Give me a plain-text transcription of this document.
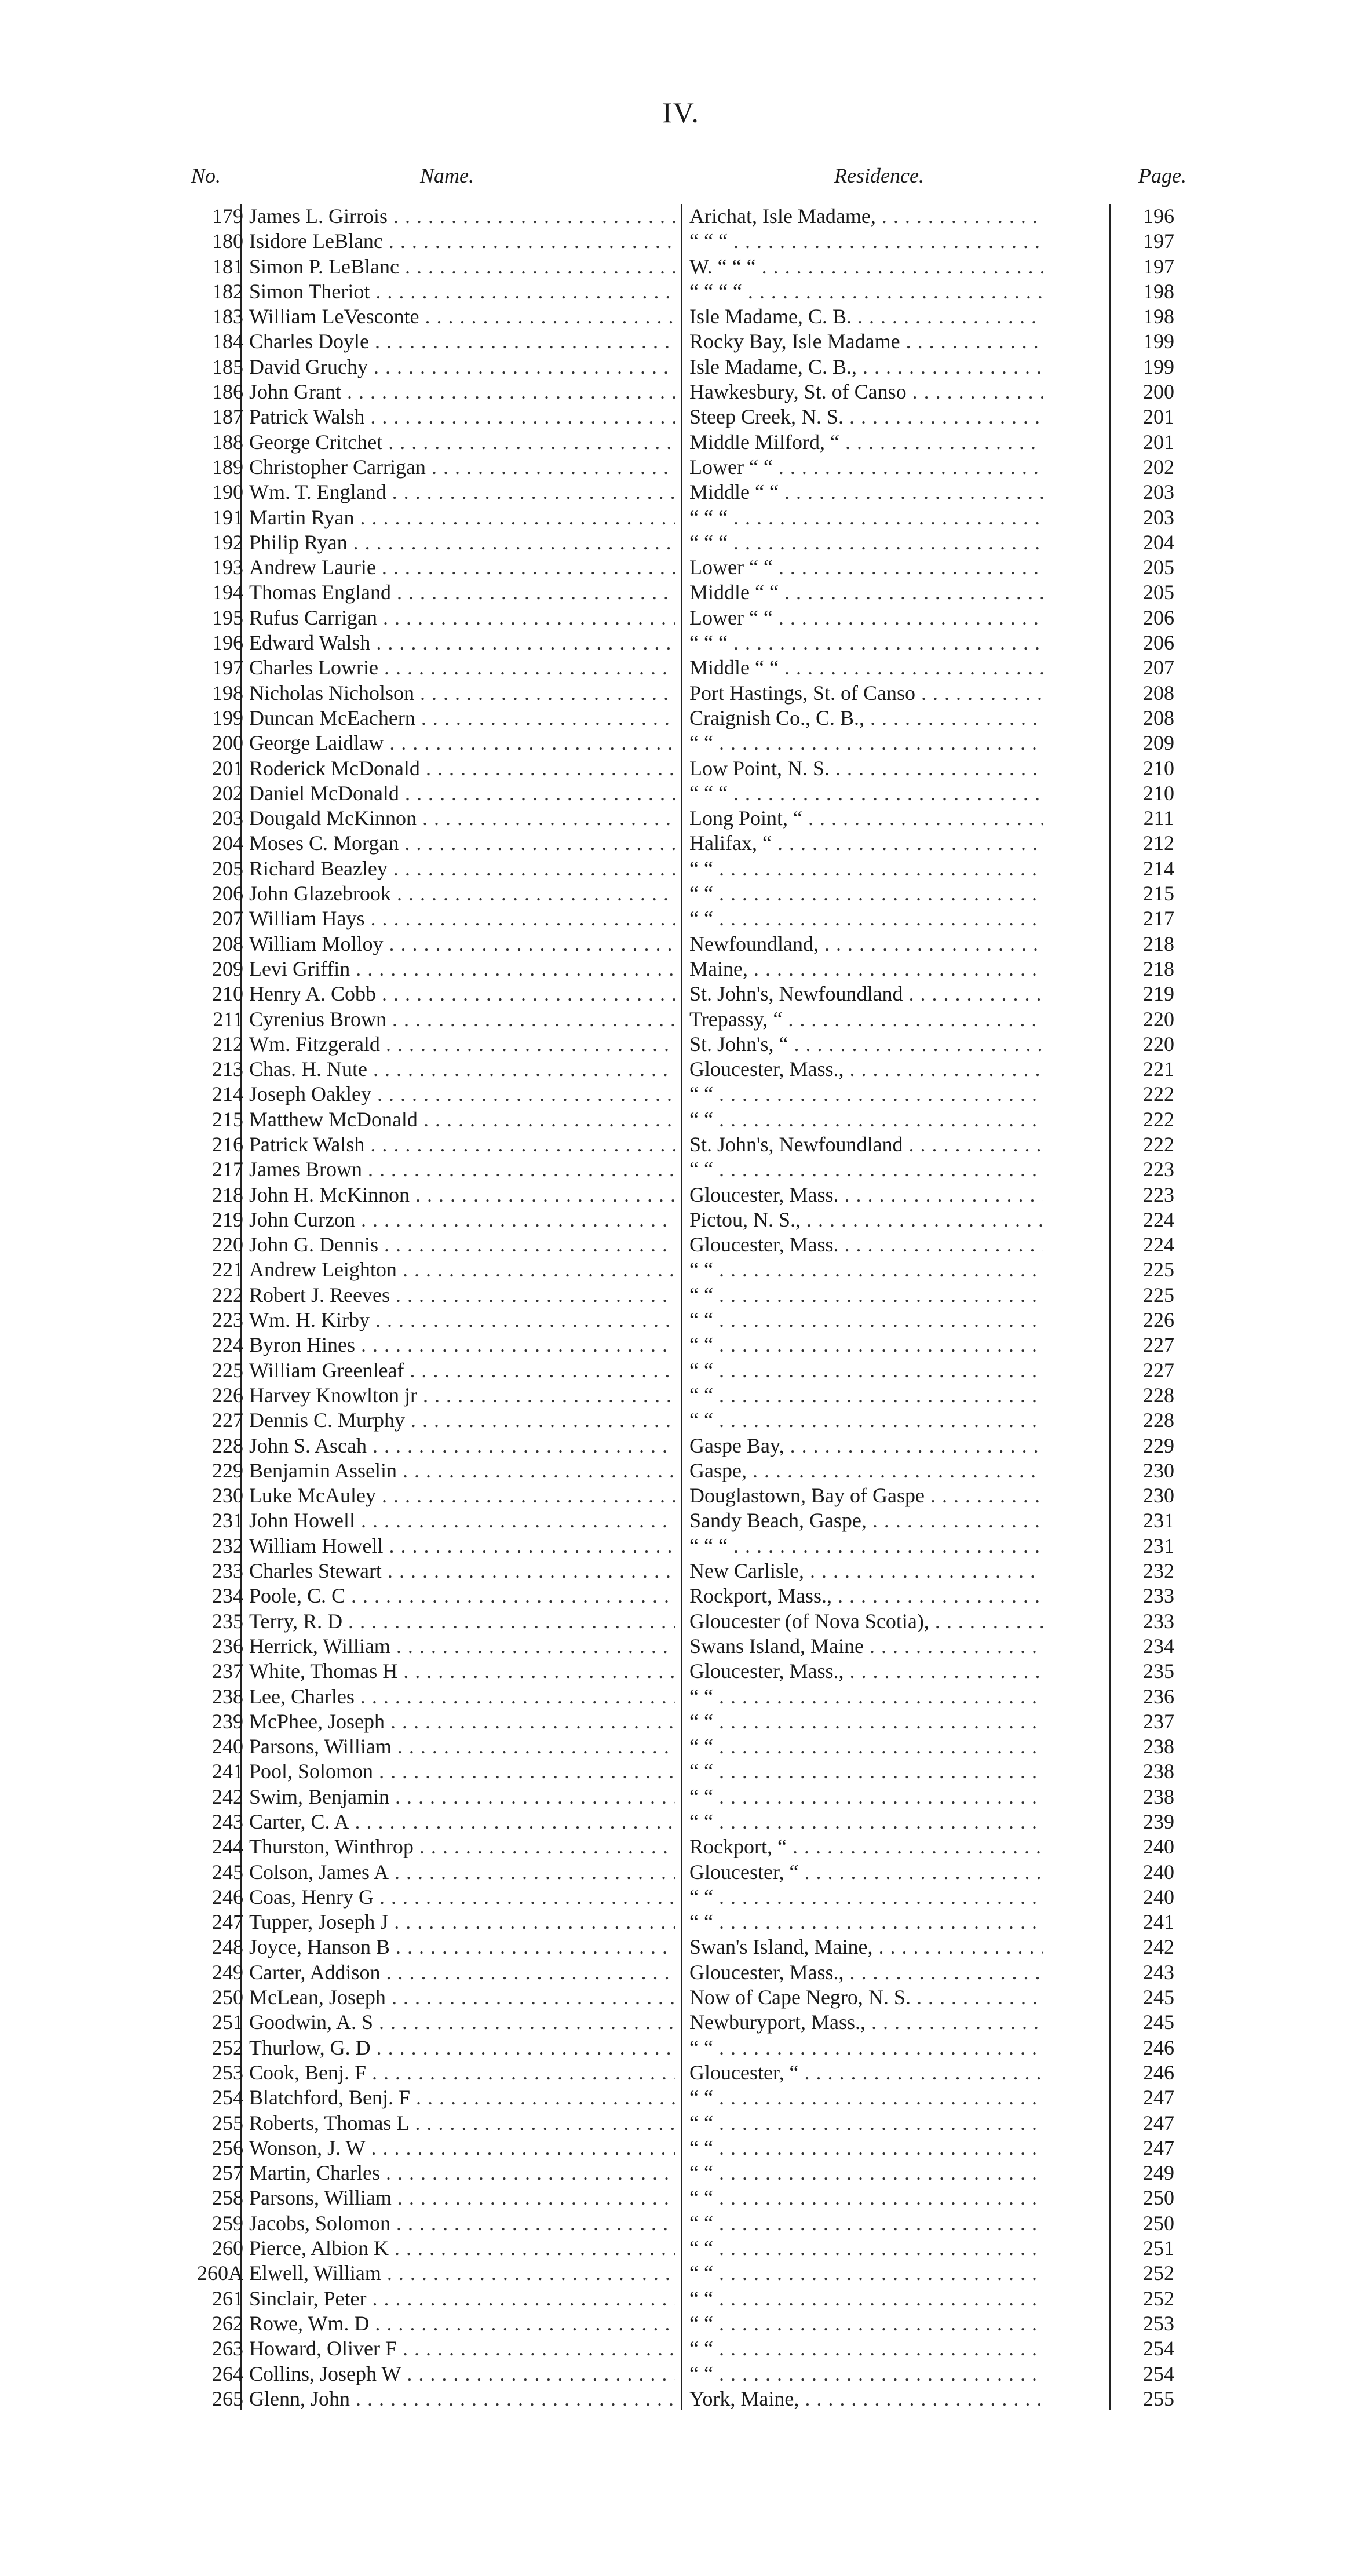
IV.
No.	Name.	Residence.	Page.
179 James L. Girrois . . .	Arichat, Isle Madame, . . .	196
180 Isidore LeBlanc . . .	“ “ “ . . .	197
181 Simon P. LeBlanc . . .	W. “ “ “ . . .	197
182 Simon Theriot . . .	“ “ “ “ . . .	198
183 William LeVesconte . . .	Isle Madame, C. B. . . .	198
184 Charles Doyle . . .	Rocky Bay, Isle Madame . . .	199
185 David Gruchy . . .	Isle Madame, C. B., . . .	199
186 John Grant . . .	Hawkesbury, St. of Canso . . .	200
187 Patrick Walsh . . .	Steep Creek, N. S. . . .	201
188 George Critchet . . .	Middle Milford, “ . . .	201
189 Christopher Carrigan . . .	Lower “ “ . . .	202
190 Wm. T. England . . .	Middle “ “ . . .	203
191 Martin Ryan . . .	“ “ “ . . .	203
192 Philip Ryan . . .	“ “ “ . . .	204
193 Andrew Laurie . . .	Lower “ “ . . .	205
194 Thomas England . . .	Middle “ “ . . .	205
195 Rufus Carrigan . . .	Lower “ “ . . .	206
196 Edward Walsh . . .	“ “ “ . . .	206
197 Charles Lowrie . . .	Middle “ “ . . .	207
198 Nicholas Nicholson . . .	Port Hastings, St. of Canso . . .	208
199 Duncan McEachern . . .	Craignish Co., C. B., . . .	208
200 George Laidlaw . . .	“ “ . . .	209
201 Roderick McDonald . . .	Low Point, N. S. . . .	210
202 Daniel McDonald . . .	“ “ “ . . .	210
203 Dougald McKinnon . . .	Long Point, “ . . .	211
204 Moses C. Morgan . . .	Halifax, “ . . .	212
205 Richard Beazley . . .	“ “ . . .	214
206 John Glazebrook . . .	“ “ . . .	215
207 William Hays . . .	“ “ . . .	217
208 William Molloy . . .	Newfoundland, . . .	218
209 Levi Griffin . . .	Maine, . . .	218
210 Henry A. Cobb . . .	St. John's, Newfoundland . . .	219
211 Cyrenius Brown . . .	Trepassy, “ . . .	220
212 Wm. Fitzgerald . . .	St. John's, “ . . .	220
213 Chas. H. Nute . . .	Gloucester, Mass., . . .	221
214 Joseph Oakley . . .	“ “ . . .	222
215 Matthew McDonald . . .	“ “ . . .	222
216 Patrick Walsh . . .	St. John's, Newfoundland . . .	222
217 James Brown . . .	“ “ . . .	223
218 John H. McKinnon . . .	Gloucester, Mass. . . .	223
219 John Curzon . . .	Pictou, N. S., . . .	224
220 John G. Dennis . . .	Gloucester, Mass. . . .	224
221 Andrew Leighton . . .	“ “ . . .	225
222 Robert J. Reeves . . .	“ “ . . .	225
223 Wm. H. Kirby . . .	“ “ . . .	226
224 Byron Hines . . .	“ “ . . .	227
225 William Greenleaf . . .	“ “ . . .	227
226 Harvey Knowlton jr . . .	“ “ . . .	228
227 Dennis C. Murphy . . .	“ “ . . .	228
228 John S. Ascah . . .	Gaspe Bay, . . .	229
229 Benjamin Asselin . . .	Gaspe, . . .	230
230 Luke McAuley . . .	Douglastown, Bay of Gaspe . . .	230
231 John Howell . . .	Sandy Beach, Gaspe, . . .	231
232 William Howell . . .	“ “ “ . . .	231
233 Charles Stewart . . .	New Carlisle, . . .	232
234 Poole, C. C . . .	Rockport, Mass., . . .	233
235 Terry, R. D . . .	Gloucester (of Nova Scotia), . . .	233
236 Herrick, William . . .	Swans Island, Maine . . .	234
237 White, Thomas H . . .	Gloucester, Mass., . . .	235
238 Lee, Charles . . .	“ “ . . .	236
239 McPhee, Joseph . . .	“ “ . . .	237
240 Parsons, William . . .	“ “ . . .	238
241 Pool, Solomon . . .	“ “ . . .	238
242 Swim, Benjamin . . .	“ “ . . .	238
243 Carter, C. A . . .	“ “ . . .	239
244 Thurston, Winthrop . . .	Rockport, “ . . .	240
245 Colson, James A . . .	Gloucester, “ . . .	240
246 Coas, Henry G . . .	“ “ . . .	240
247 Tupper, Joseph J . . .	“ “ . . .	241
248 Joyce, Hanson B . . .	Swan's Island, Maine, . . .	242
249 Carter, Addison . . .	Gloucester, Mass., . . .	243
250 McLean, Joseph . . .	Now of Cape Negro, N. S. . . .	245
251 Goodwin, A. S . . .	Newburyport, Mass., . . .	245
252 Thurlow, G. D . . .	“ “ . . .	246
253 Cook, Benj. F . . .	Gloucester, “ . . .	246
254 Blatchford, Benj. F . . .	“ “ . . .	247
255 Roberts, Thomas L . . .	“ “ . . .	247
256 Wonson, J. W . . .	“ “ . . .	247
257 Martin, Charles . . .	“ “ . . .	249
258 Parsons, William . . .	“ “ . . .	250
259 Jacobs, Solomon . . .	“ “ . . .	250
260 Pierce, Albion K . . .	“ “ . . .	251
260A Elwell, William . . .	“ “ . . .	252
261 Sinclair, Peter . . .	“ “ . . .	252
262 Rowe, Wm. D . . .	“ “ . . .	253
263 Howard, Oliver F . . .	“ “ . . .	254
264 Collins, Joseph W . . .	“ “ . . .	254
265 Glenn, John . . .	York, Maine, . . .	255
